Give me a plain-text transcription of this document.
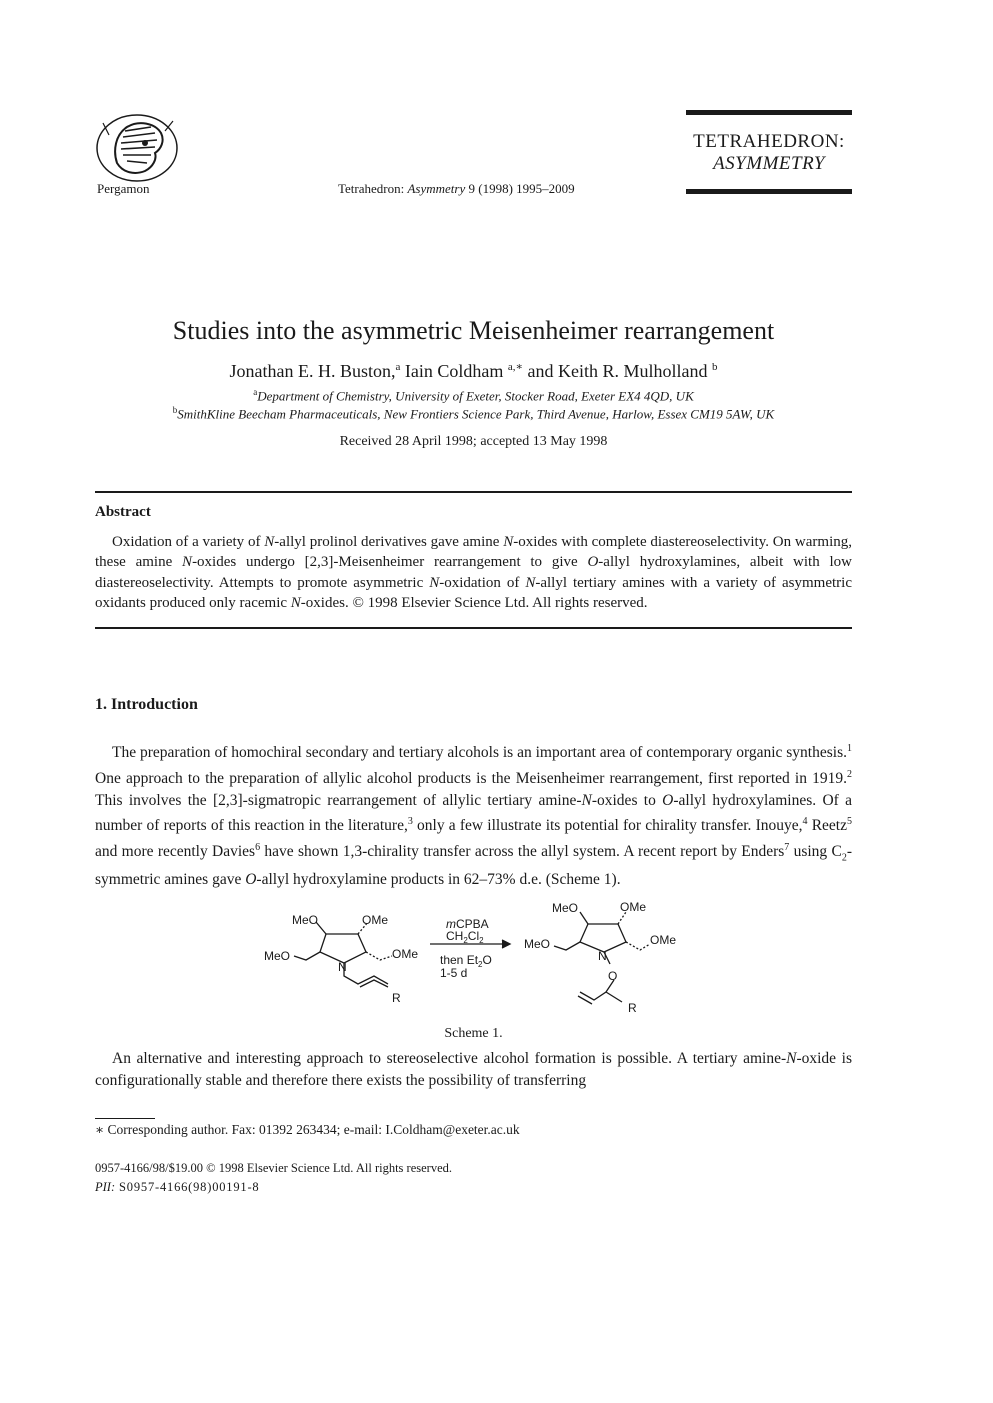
Pergamon	Tetrahedron: Asymmetry 9 (1998) 1995–2009
TETRAHEDRON:
ASYMMETRY
Studies into the asymmetric Meisenheimer rearrangement
Jonathan E. H. Buston,$^a$ Iain Coldham $^{a,∗}$ and Keith R. Mulholland $^b$
$^a$Department of Chemistry, University of Exeter, Stocker Road, Exeter EX4 4QD, UK
$^b$SmithKline Beecham Pharmaceuticals, New Frontiers Science Park, Third Avenue, Harlow, Essex CM19 5AW, UK
Received 28 April 1998; accepted 13 May 1998
Abstract
Oxidation of a variety of N-allyl prolinol derivatives gave amine N-oxides with complete diastereoselectivity. On warming, these amine N-oxides undergo [2,3]-Meisenheimer rearrangement to give O-allyl hydroxylamines, albeit with low diastereoselectivity. Attempts to promote asymmetric N-oxidation of N-allyl tertiary amines with a variety of asymmetric oxidants produced only racemic N-oxides. © 1998 Elsevier Science Ltd. All rights reserved.
1. Introduction
The preparation of homochiral secondary and tertiary alcohols is an important area of contemporary organic synthesis.$^1$ One approach to the preparation of allylic alcohol products is the Meisenheimer rearrangement, first reported in 1919.$^2$ This involves the [2,3]-sigmatropic rearrangement of allylic tertiary amine-N-oxides to O-allyl hydroxylamines. Of a number of reports of this reaction in the literature,$^3$ only a few illustrate its potential for chirality transfer. Inouye,$^4$ Reetz$^5$ and more recently Davies$^6$ have shown 1,3-chirality transfer across the allyl system. A recent report by Enders$^7$ using $C_2$-symmetric amines gave O-allyl hydroxylamine products in 62–73% d.e. (Scheme 1).
MeO	OMe
MeO	OMe
N
R
mCPBA
$CH_2Cl_2$
then $Et_2O$
1-5 d
MeO	OMe
MeO	OMe
N
O
R
Scheme 1.
An alternative and interesting approach to stereoselective alcohol formation is possible. A tertiary amine-N-oxide is configurationally stable and therefore there exists the possibility of transferring
∗ Corresponding author. Fax: 01392 263434; e-mail: I.Coldham@exeter.ac.uk
0957-4166/98/$19.00 © 1998 Elsevier Science Ltd. All rights reserved.
PII: S0957-4166(98)00191-8
